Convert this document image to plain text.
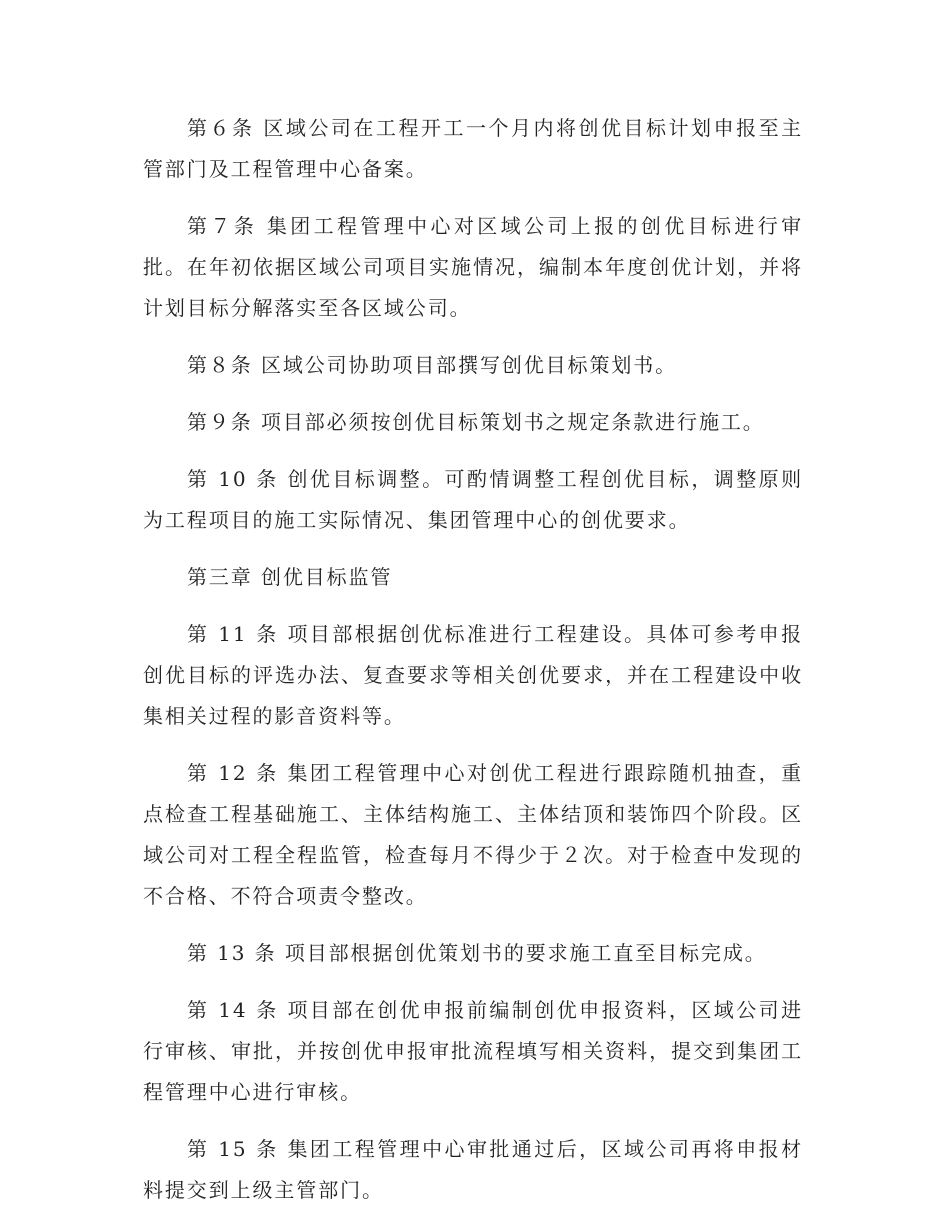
第６条 区域公司在工程开工一个月内将创优目标计划申报至主管部门及工程管理中心备案。

第７条 集团工程管理中心对区域公司上报的创优目标进行审批。在年初依据区域公司项目实施情况，编制本年度创优计划，并将计划目标分解落实至各区域公司。

第８条 区域公司协助项目部撰写创优目标策划书。

第９条 项目部必须按创优目标策划书之规定条款进行施工。

第 10 条 创优目标调整。可酌情调整工程创优目标，调整原则为工程项目的施工实际情况、集团管理中心的创优要求。

第三章 创优目标监管

第 11 条 项目部根据创优标准进行工程建设。具体可参考申报创优目标的评选办法、复查要求等相关创优要求，并在工程建设中收集相关过程的影音资料等。

第 12 条 集团工程管理中心对创优工程进行跟踪随机抽查，重点检查工程基础施工、主体结构施工、主体结顶和装饰四个阶段。区域公司对工程全程监管，检查每月不得少于２次。对于检查中发现的不合格、不符合项责令整改。

第 13 条 项目部根据创优策划书的要求施工直至目标完成。

第 14 条 项目部在创优申报前编制创优申报资料，区域公司进行审核、审批，并按创优申报审批流程填写相关资料，提交到集团工程管理中心进行审核。

第 15 条 集团工程管理中心审批通过后，区域公司再将申报材料提交到上级主管部门。
